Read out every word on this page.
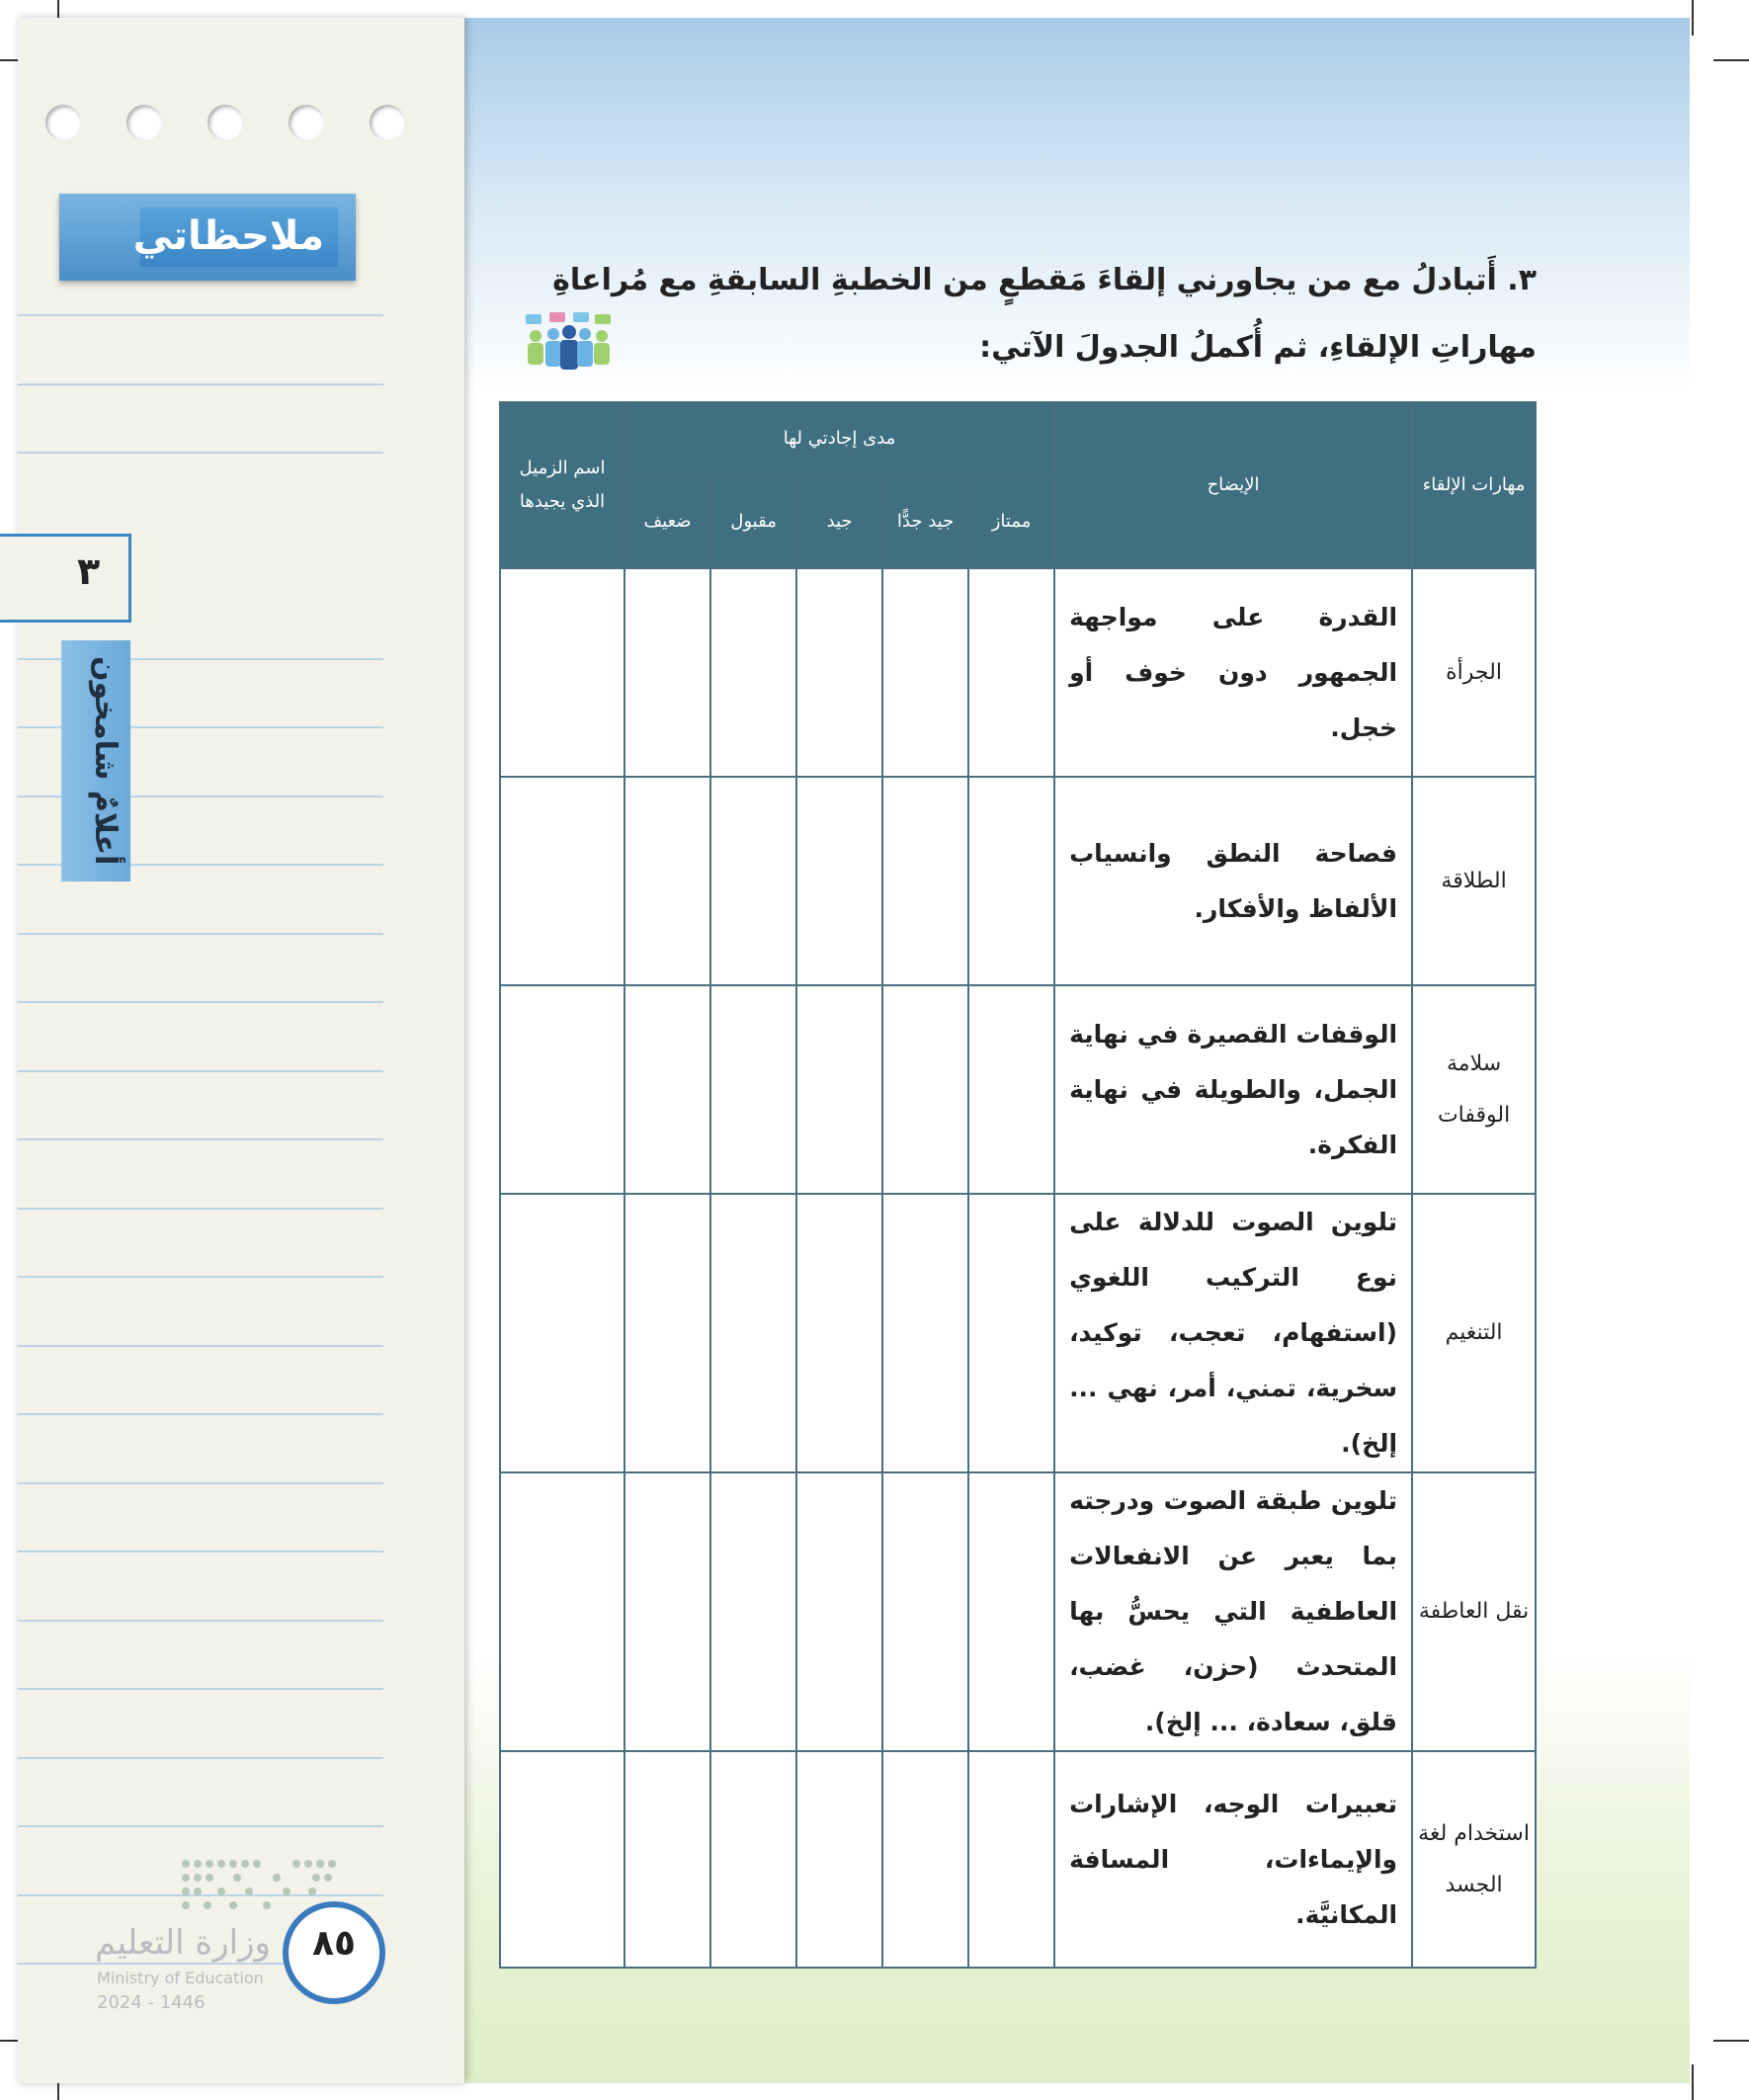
ملاحظاتي
٣
أعلامٌ شامخون
٨٥
وزارة التعليم
Ministry of Education
2024 - 1446
٣. أَتبادلُ مع من يجاورني إلقاءَ مَقطعٍ من الخطبةِ السابقةِ مع مُراعاةِ مهاراتِ الإلقاءِ، ثم أُكملُ الجدولَ الآتي:
مهارات الإلقاء	الإيضاح	مدى إجادتي لها					اسم الزميل الذي يجيدها
		ممتاز	جيد جدًّا	جيد	مقبول	ضعيف	
الجرأة	القدرة على مواجهة الجمهور دون خوف أو خجل.						
الطلاقة	فصاحة النطق وانسياب الألفاظ والأفكار.						
سلامة الوقفات	الوقفات القصيرة في نهاية الجمل، والطويلة في نهاية الفكرة.						
التنغيم	تلوين الصوت للدلالة على نوع التركيب اللغوي (استفهام، تعجب، توكيد، سخرية، تمني، أمر، نهي ... إلخ).						
نقل العاطفة	تلوين طبقة الصوت ودرجته بما يعبر عن الانفعالات العاطفية التي يحسُّ بها المتحدث (حزن، غضب، قلق، سعادة، ... إلخ).						
استخدام لغة الجسد	تعبيرات الوجه، الإشارات والإيماءات، المسافة المكانيَّة.						
